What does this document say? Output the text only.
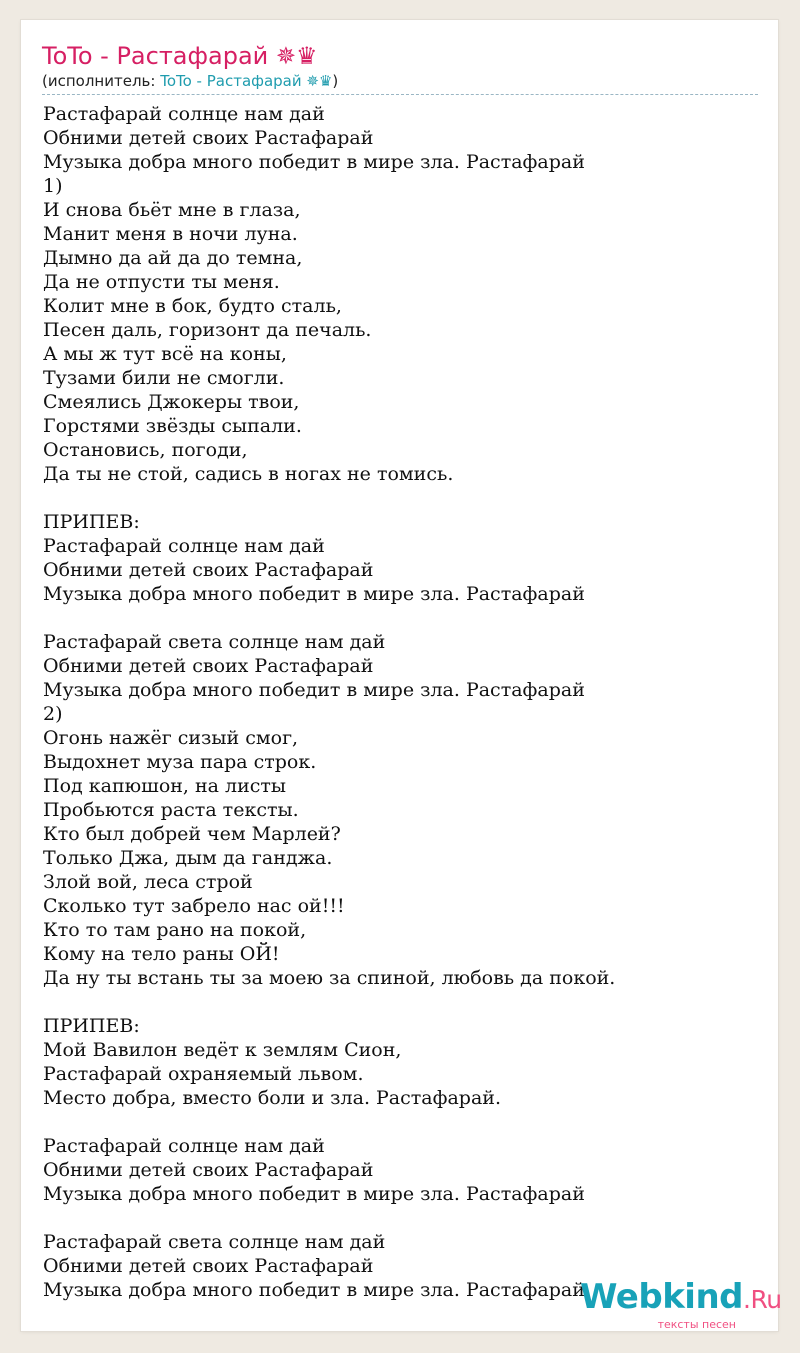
ToTo - Растафарай ✵♛
(исполнитель: ToTo - Растафарай ✵♛)
Растафарай солнце нам дай
Обними детей своих Растафарай
Музыка добра много победит в мире зла. Растафарай
1)
И снова бьёт мне в глаза,
Манит меня в ночи луна.
Дымно да ай да до темна,
Да не отпусти ты меня.
Колит мне в бок, будто сталь,
Песен даль, горизонт да печаль.
А мы ж тут всё на коны,
Тузами били не смогли.
Смеялись Джокеры твои,
Горстями звёзды сыпали.
Остановись, погоди,
Да ты не стой, садись в ногах не томись.
ПРИПЕВ:
Растафарай солнце нам дай
Обними детей своих Растафарай
Музыка добра много победит в мире зла. Растафарай
Растафарай света солнце нам дай
Обними детей своих Растафарай
Музыка добра много победит в мире зла. Растафарай
2)
Огонь нажёг сизый смог,
Выдохнет муза пара строк.
Под капюшон, на листы
Пробьются раста тексты.
Кто был добрей чем Марлей?
Только Джа, дым да ганджа.
Злой вой, леса строй
Сколько тут забрело нас ой!!!
Кто то там рано на покой,
Кому на тело раны ОЙ!
Да ну ты встань ты за моею за спиной, любовь да покой.
ПРИПЕВ:
Мой Вавилон ведёт к землям Сион,
Растафарай охраняемый львом.
Место добра, вместо боли и зла. Растафарай.
Растафарай солнце нам дай
Обними детей своих Растафарай
Музыка добра много победит в мире зла. Растафарай
Растафарай света солнце нам дай
Обними детей своих Растафарай
Музыка добра много победит в мире зла. Растафарай
Webkind.Ru
тексты песен
